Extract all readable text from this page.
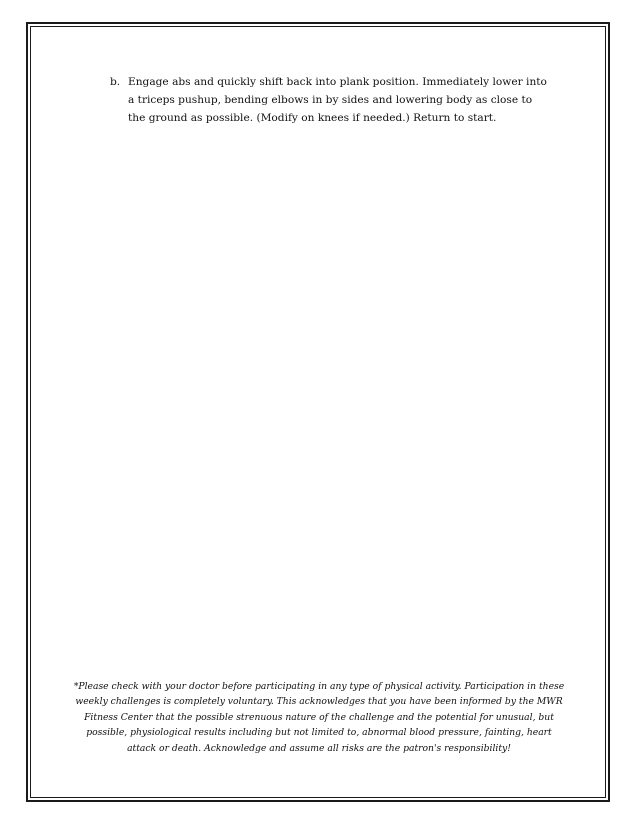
b. Engage abs and quickly shift back into plank position. Immediately lower into a triceps pushup, bending elbows in by sides and lowering body as close to the ground as possible. (Modify on knees if needed.) Return to start.
*Please check with your doctor before participating in any type of physical activity. Participation in these weekly challenges is completely voluntary. This acknowledges that you have been informed by the MWR Fitness Center that the possible strenuous nature of the challenge and the potential for unusual, but possible, physiological results including but not limited to, abnormal blood pressure, fainting, heart attack or death. Acknowledge and assume all risks are the patron's responsibility!
